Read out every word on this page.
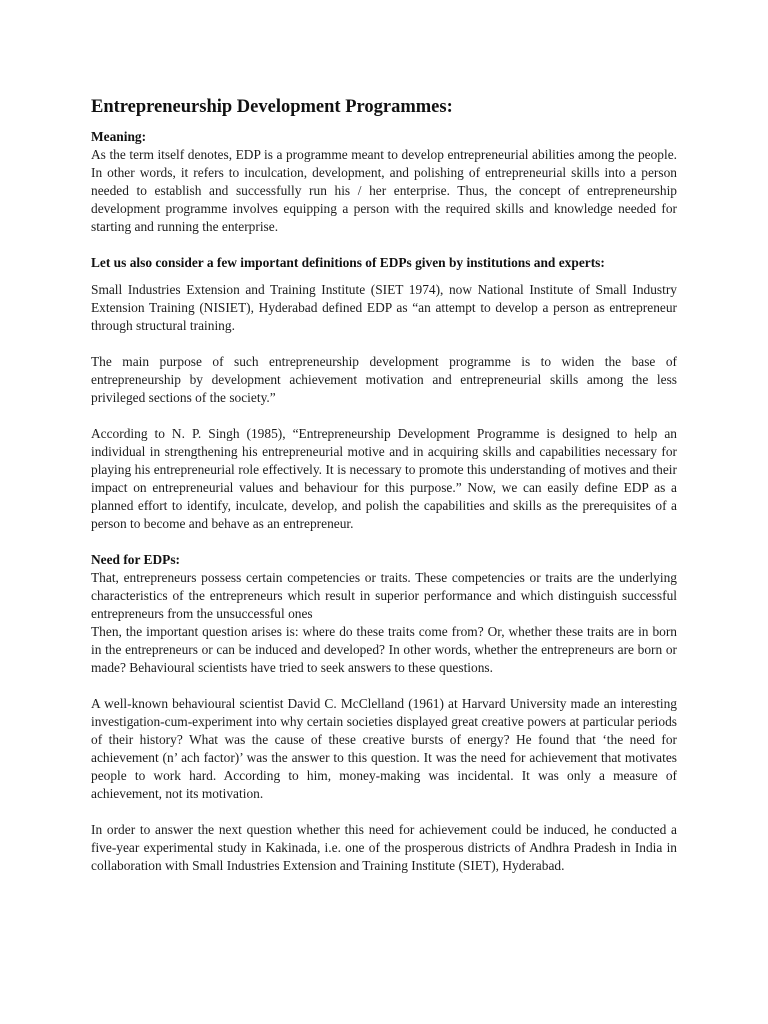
Entrepreneurship Development Programmes:
Meaning:

As the term itself denotes, EDP is a programme meant to develop entrepreneurial abilities among the people. In other words, it refers to inculcation, development, and polishing of entrepreneurial skills into a person needed to establish and successfully run his / her enterprise. Thus, the concept of entrepreneurship development programme involves equipping a person with the required skills and knowledge needed for starting and running the enterprise.

Let us also consider a few important definitions of EDPs given by institutions and experts:

Small Industries Extension and Training Institute (SIET 1974), now National Institute of Small Industry Extension Training (NISIET), Hyderabad defined EDP as “an attempt to develop a person as entrepreneur through structural training.

The main purpose of such entrepreneurship development programme is to widen the base of entrepreneurship by development achievement motivation and entrepreneurial skills among the less privileged sections of the society.”

According to N. P. Singh (1985), “Entrepreneurship Development Programme is designed to help an individual in strengthening his entrepreneurial motive and in acquiring skills and capabilities necessary for playing his entrepreneurial role effectively. It is necessary to promote this understanding of motives and their impact on entrepreneurial values and behaviour for this purpose.” Now, we can easily define EDP as a planned effort to identify, inculcate, develop, and polish the capabilities and skills as the prerequisites of a person to become and behave as an entrepreneur.

Need for EDPs:

That, entrepreneurs possess certain competencies or traits. These competencies or traits are the underlying characteristics of the entrepreneurs which result in superior performance and which distinguish successful entrepreneurs from the unsuccessful ones

Then, the important question arises is: where do these traits come from? Or, whether these traits are in born in the entrepreneurs or can be induced and developed? In other words, whether the entrepreneurs are born or made? Behavioural scientists have tried to seek answers to these questions.

A well-known behavioural scientist David C. McClelland (1961) at Harvard University made an interesting investigation-cum-experiment into why certain societies displayed great creative powers at particular periods of their history? What was the cause of these creative bursts of energy? He found that ‘the need for achievement (n’ ach factor)’ was the answer to this question. It was the need for achievement that motivates people to work hard. According to him, money-making was incidental. It was only a measure of achievement, not its motivation.

In order to answer the next question whether this need for achievement could be induced, he conducted a five-year experimental study in Kakinada, i.e. one of the prosperous districts of Andhra Pradesh in India in collaboration with Small Industries Extension and Training Institute (SIET), Hyderabad.
